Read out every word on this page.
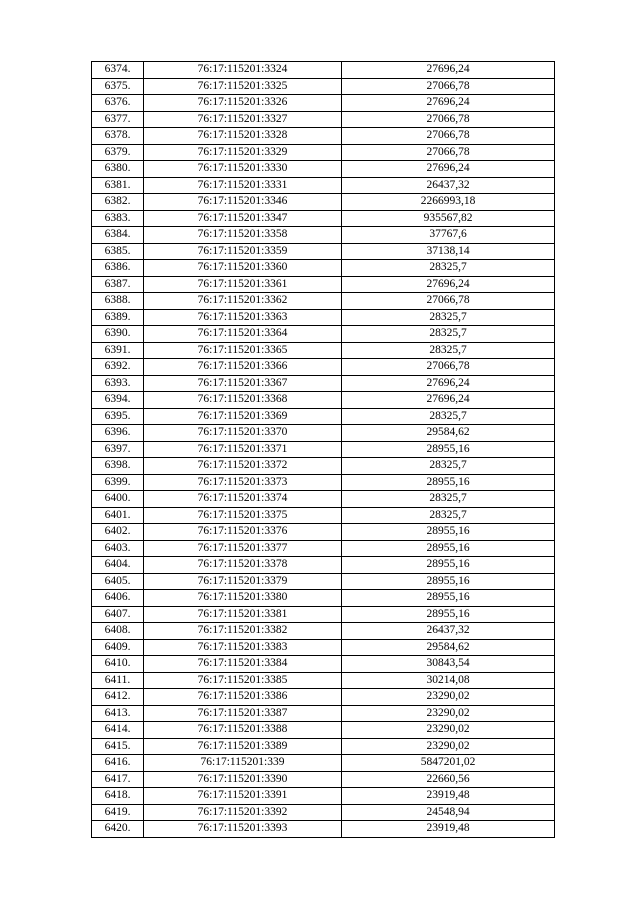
6374.	76:17:115201:3324	27696,24
6375.	76:17:115201:3325	27066,78
6376.	76:17:115201:3326	27696,24
6377.	76:17:115201:3327	27066,78
6378.	76:17:115201:3328	27066,78
6379.	76:17:115201:3329	27066,78
6380.	76:17:115201:3330	27696,24
6381.	76:17:115201:3331	26437,32
6382.	76:17:115201:3346	2266993,18
6383.	76:17:115201:3347	935567,82
6384.	76:17:115201:3358	37767,6
6385.	76:17:115201:3359	37138,14
6386.	76:17:115201:3360	28325,7
6387.	76:17:115201:3361	27696,24
6388.	76:17:115201:3362	27066,78
6389.	76:17:115201:3363	28325,7
6390.	76:17:115201:3364	28325,7
6391.	76:17:115201:3365	28325,7
6392.	76:17:115201:3366	27066,78
6393.	76:17:115201:3367	27696,24
6394.	76:17:115201:3368	27696,24
6395.	76:17:115201:3369	28325,7
6396.	76:17:115201:3370	29584,62
6397.	76:17:115201:3371	28955,16
6398.	76:17:115201:3372	28325,7
6399.	76:17:115201:3373	28955,16
6400.	76:17:115201:3374	28325,7
6401.	76:17:115201:3375	28325,7
6402.	76:17:115201:3376	28955,16
6403.	76:17:115201:3377	28955,16
6404.	76:17:115201:3378	28955,16
6405.	76:17:115201:3379	28955,16
6406.	76:17:115201:3380	28955,16
6407.	76:17:115201:3381	28955,16
6408.	76:17:115201:3382	26437,32
6409.	76:17:115201:3383	29584,62
6410.	76:17:115201:3384	30843,54
6411.	76:17:115201:3385	30214,08
6412.	76:17:115201:3386	23290,02
6413.	76:17:115201:3387	23290,02
6414.	76:17:115201:3388	23290,02
6415.	76:17:115201:3389	23290,02
6416.	76:17:115201:339	5847201,02
6417.	76:17:115201:3390	22660,56
6418.	76:17:115201:3391	23919,48
6419.	76:17:115201:3392	24548,94
6420.	76:17:115201:3393	23919,48
